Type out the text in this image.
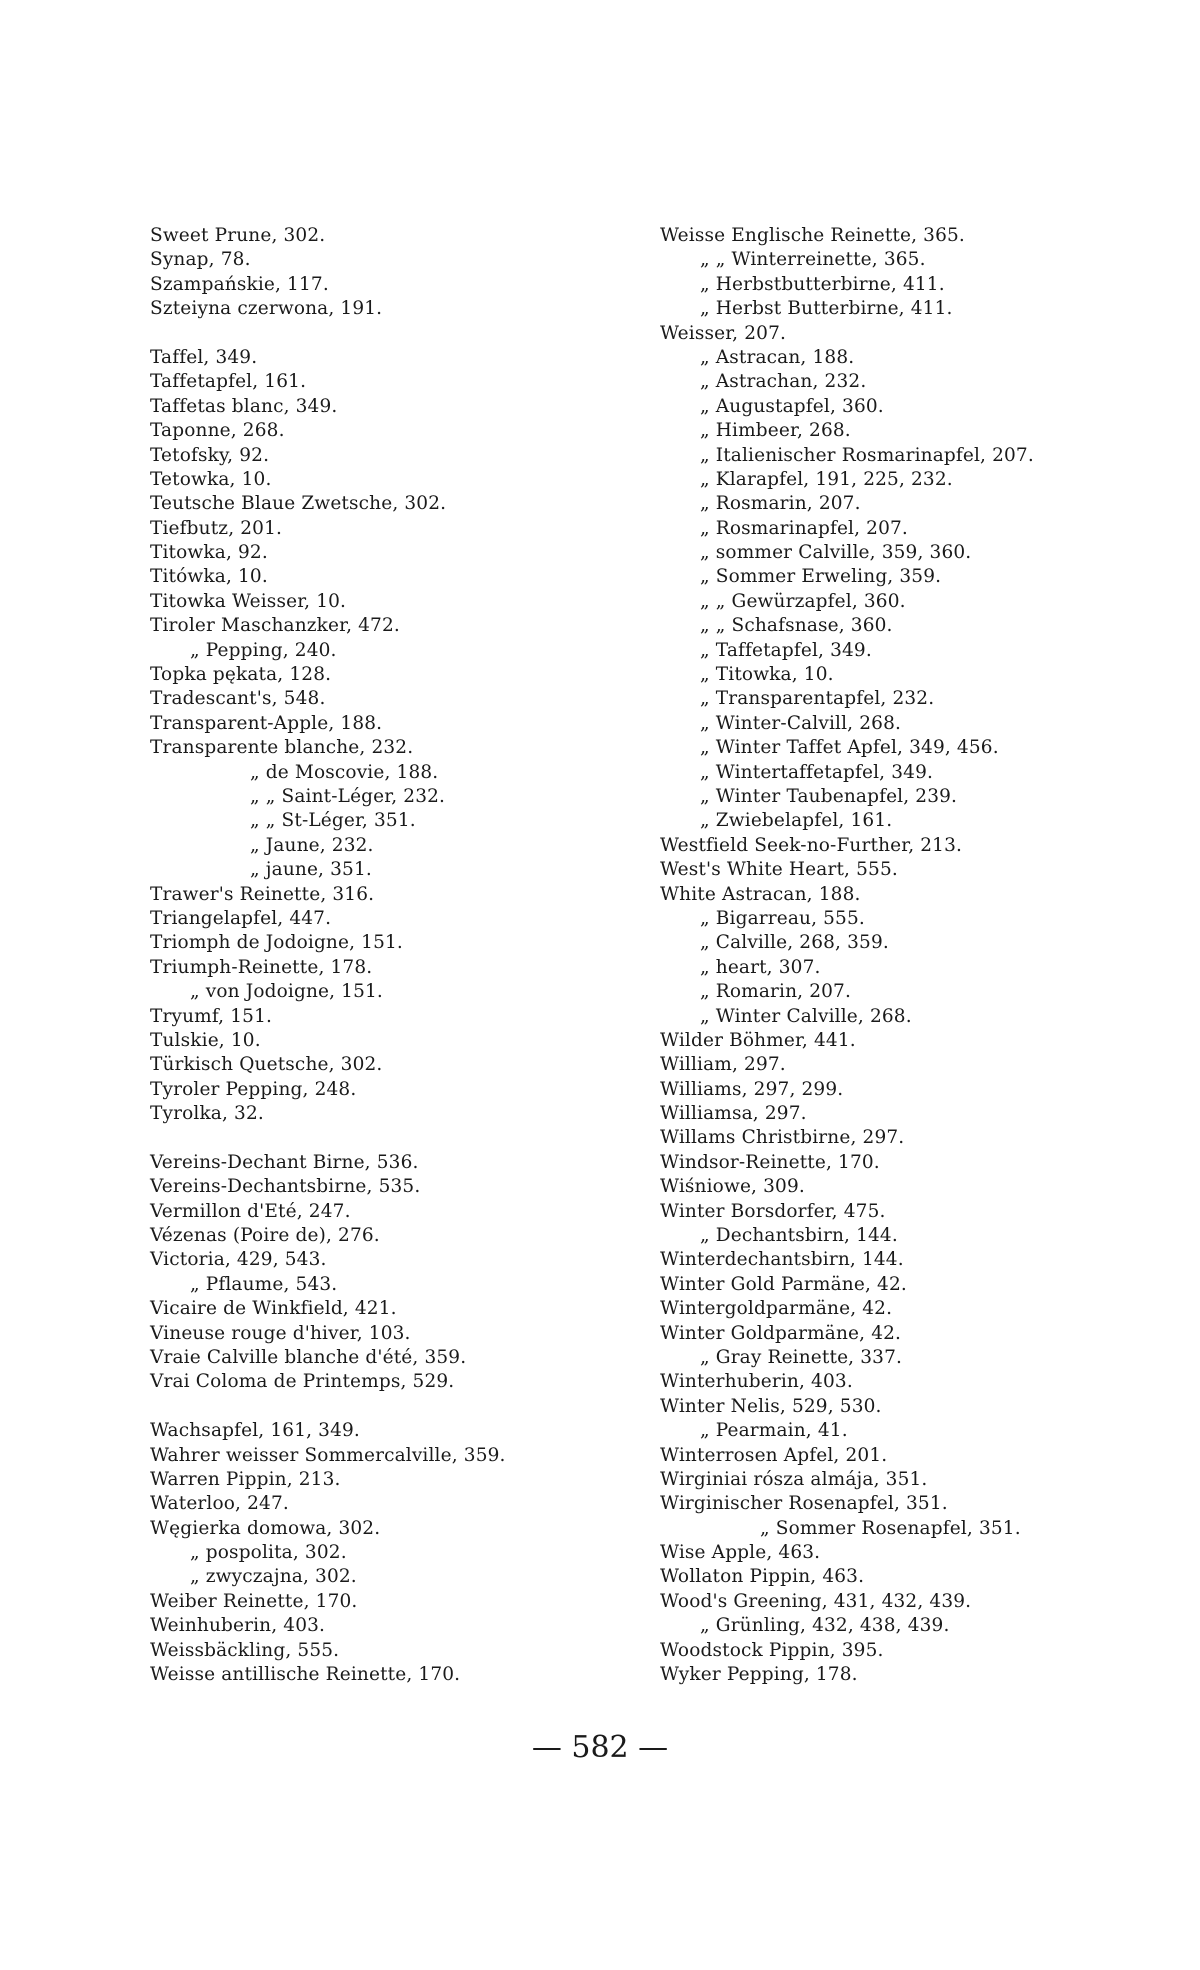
Sweet Prune, 302.
Synap, 78.
Szampańskie, 117.
Szteiyna czerwona, 191.
Taffel, 349.
Taffetapfel, 161.
Taffetas blanc, 349.
Taponne, 268.
Tetofsky, 92.
Tetowka, 10.
Teutsche Blaue Zwetsche, 302.
Tiefbutz, 201.
Titowka, 92.
Titówka, 10.
Titowka Weisser, 10.
Tiroler Maschanzker, 472.
„ Pepping, 240.
Topka pękata, 128.
Tradescant's, 548.
Transparent-Apple, 188.
Transparente blanche, 232.
„ de Moscovie, 188.
„ „ Saint-Léger, 232.
„ „ St-Léger, 351.
„ Jaune, 232.
„ jaune, 351.
Trawer's Reinette, 316.
Triangelapfel, 447.
Triomph de Jodoigne, 151.
Triumph-Reinette, 178.
„ von Jodoigne, 151.
Tryumf, 151.
Tulskie, 10.
Türkisch Quetsche, 302.
Tyroler Pepping, 248.
Tyrolka, 32.
Vereins-Dechant Birne, 536.
Vereins-Dechantsbirne, 535.
Vermillon d'Eté, 247.
Vézenas (Poire de), 276.
Victoria, 429, 543.
„ Pflaume, 543.
Vicaire de Winkfield, 421.
Vineuse rouge d'hiver, 103.
Vraie Calville blanche d'été, 359.
Vrai Coloma de Printemps, 529.
Wachsapfel, 161, 349.
Wahrer weisser Sommercalville, 359.
Warren Pippin, 213.
Waterloo, 247.
Węgierka domowa, 302.
„ pospolita, 302.
„ zwyczajna, 302.
Weiber Reinette, 170.
Weinhuberin, 403.
Weissbäckling, 555.
Weisse antillische Reinette, 170.
Weisse Englische Reinette, 365.
„ „ Winterreinette, 365.
„ Herbstbutterbirne, 411.
„ Herbst Butterbirne, 411.
Weisser, 207.
„ Astracan, 188.
„ Astrachan, 232.
„ Augustapfel, 360.
„ Himbeer, 268.
„ Italienischer Rosmarinapfel, 207.
„ Klarapfel, 191, 225, 232.
„ Rosmarin, 207.
„ Rosmarinapfel, 207.
„ sommer Calville, 359, 360.
„ Sommer Erweling, 359.
„ „ Gewürzapfel, 360.
„ „ Schafsnase, 360.
„ Taffetapfel, 349.
„ Titowka, 10.
„ Transparentapfel, 232.
„ Winter-Calvill, 268.
„ Winter Taffet Apfel, 349, 456.
„ Wintertaffetapfel, 349.
„ Winter Taubenapfel, 239.
„ Zwiebelapfel, 161.
Westfield Seek-no-Further, 213.
West's White Heart, 555.
White Astracan, 188.
„ Bigarreau, 555.
„ Calville, 268, 359.
„ heart, 307.
„ Romarin, 207.
„ Winter Calville, 268.
Wilder Böhmer, 441.
William, 297.
Williams, 297, 299.
Williamsa, 297.
Willams Christbirne, 297.
Windsor-Reinette, 170.
Wiśniowe, 309.
Winter Borsdorfer, 475.
„ Dechantsbirn, 144.
Winterdechantsbirn, 144.
Winter Gold Parmäne, 42.
Wintergoldparmäne, 42.
Winter Goldparmäne, 42.
„ Gray Reinette, 337.
Winterhuberin, 403.
Winter Nelis, 529, 530.
„ Pearmain, 41.
Winterrosen Apfel, 201.
Wirginiai rósza almája, 351.
Wirginischer Rosenapfel, 351.
„ Sommer Rosenapfel, 351.
Wise Apple, 463.
Wollaton Pippin, 463.
Wood's Greening, 431, 432, 439.
„ Grünling, 432, 438, 439.
Woodstock Pippin, 395.
Wyker Pepping, 178.
— 582 —
